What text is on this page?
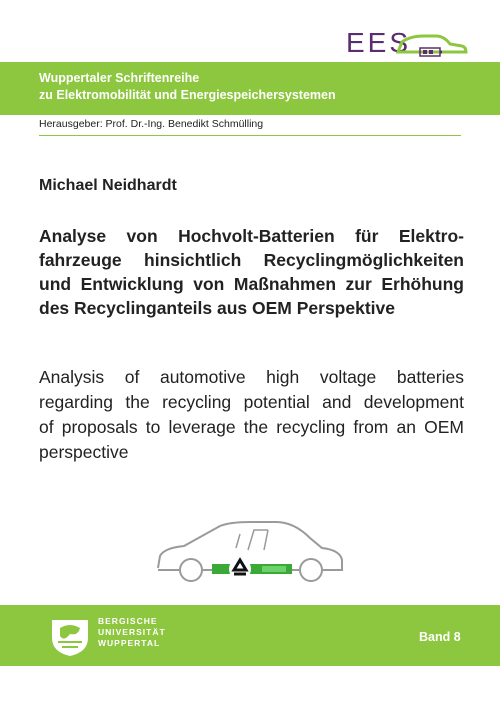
EES
Wuppertaler Schriftenreihe
zu Elektromobilität und Energiespeichersystemen
Herausgeber: Prof. Dr.-Ing. Benedikt Schmülling
Michael Neidhardt
Analyse von Hochvolt-Batterien für Elektro-
fahrzeuge hinsichtlich Recyclingmöglichkeiten
und Entwicklung von Maßnahmen zur Erhöhung
des Recyclinganteils aus OEM Perspektive
Analysis of automotive high voltage batteries
regarding the recycling potential and development
of proposals to leverage the recycling from an OEM
perspective
BERGISCHE
UNIVERSITÄT
WUPPERTAL	Band 8
